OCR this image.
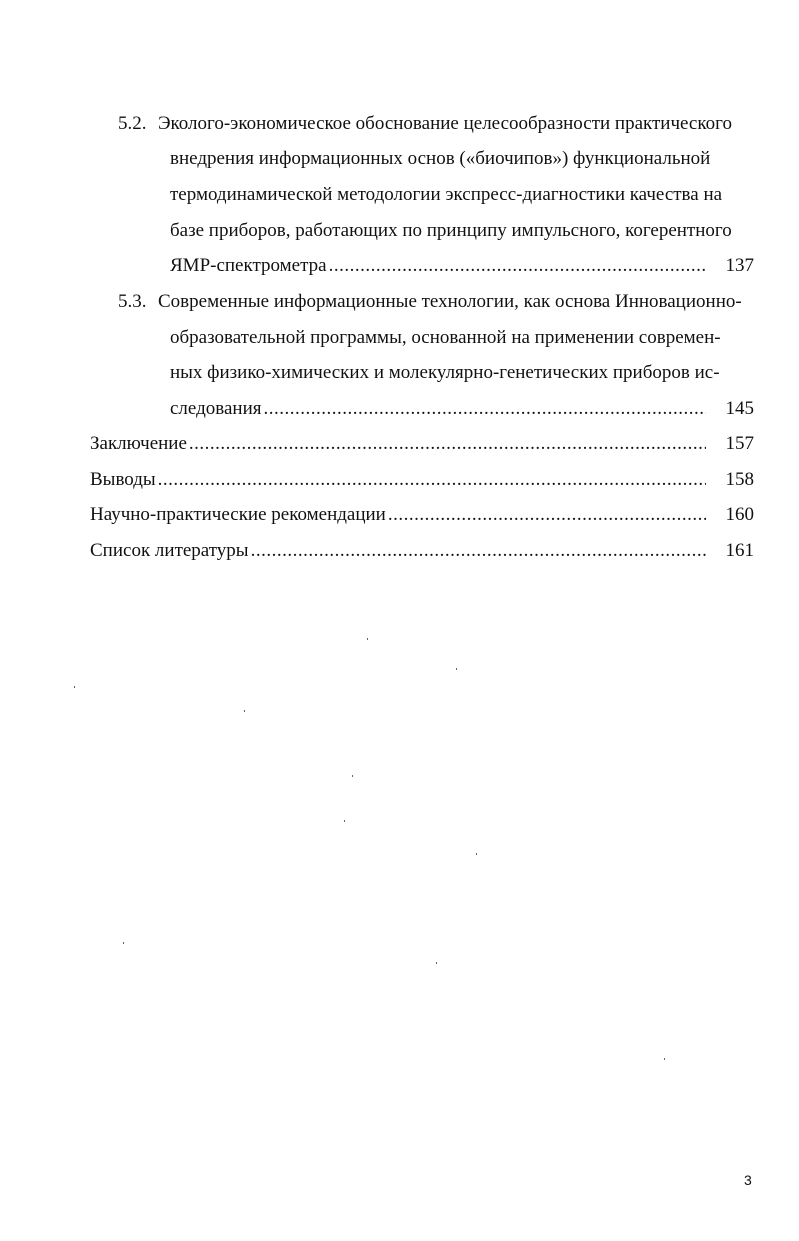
5.2. Эколого-экономическое обоснование целесообразности практического
внедрения информационных основ («биочипов») функциональной
термодинамической методологии экспресс-диагностики качества на
базе приборов, работающих по принципу импульсного, когерентного
ЯМР-спектрометра .....	137
5.3. Современные информационные технологии, как основа Инновационно-
образовательной программы, основанной на применении современ-
ных физико-химических и молекулярно-генетических приборов ис-
следования .....	145
Заключение .....	157
Выводы .....	158
Научно-практические рекомендации .....	160
Список литературы .....	161
3
